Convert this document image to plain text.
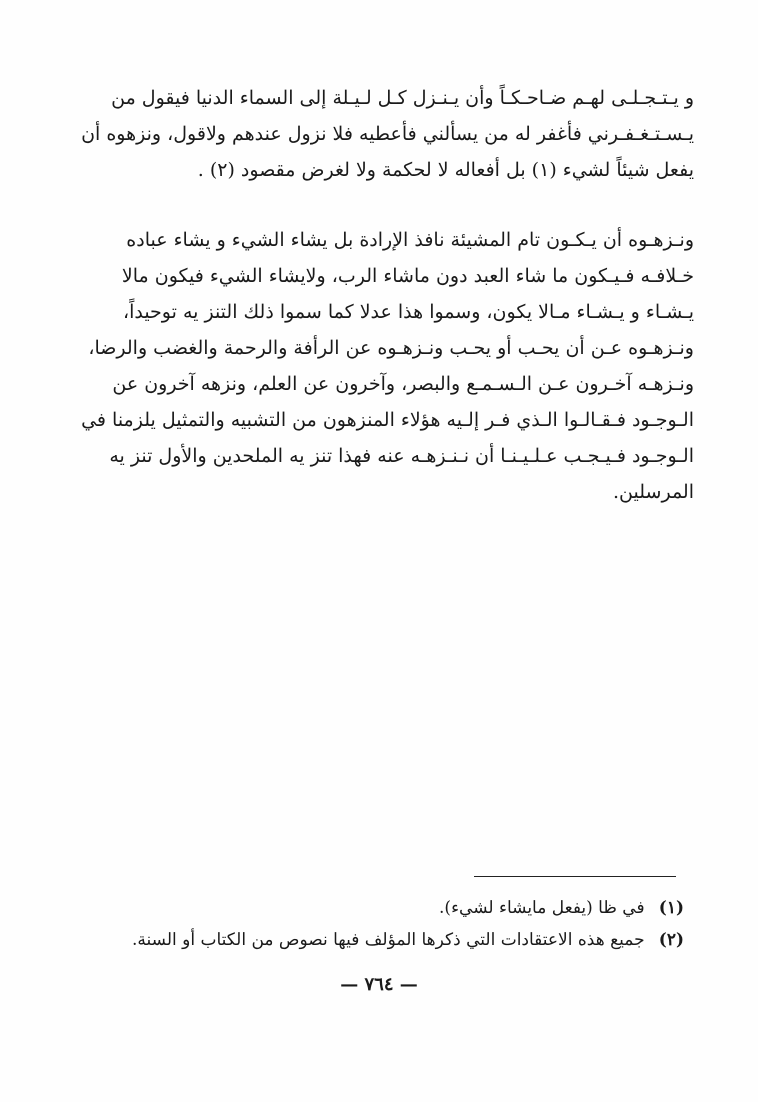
و يـتـجـلـى لهـم ضـاحـكـاً وأن يـنـزل كـل لـيـلة إلى السماء الدنيا فيقول من
يـسـتـغـفـرني فأغفر له من يسألني فأعطيه فلا نزول عندهم ولاقول، ونزهوه أن
يفعل شيئاً لشيء (١) بل أفعاله لا لحكمة ولا لغرض مقصود (٢) .
ونـزهـوه أن يـكـون تام المشيئة نافذ الإرادة بل يشاء الشيء و يشاء عباده
خـلافـه فـيـكون ما شاء العبد دون ماشاء الرب، ولايشاء الشيء فيكون مالا
يـشـاء و يـشـاء مـالا يكون، وسموا هذا عدلا كما سموا ذلك التنز يه توحيداً،
ونـزهـوه عـن أن يحـب أو يحـب ونـزهـوه عن الرأفة والرحمة والغضب والرضا،
ونـزهـه آخـرون عـن الـسـمـع والبصر، وآخرون عن العلم، ونزهه آخرون عن
الـوجـود فـقـالـوا الـذي فـر إلـيه هؤلاء المنزهون من التشبيه والتمثيل يلزمنا في
الـوجـود فـيـجـب عـلـيـنـا أن نـنـزهـه عنه فهذا تنز يه الملحدين والأول تنز يه
المرسلين.
(١) في ظا (يفعل مايشاء لشيء).
(٢) جميع هذه الاعتقادات التي ذكرها المؤلف فيها نصوص من الكتاب أو السنة.
— ٧٦٤ —
